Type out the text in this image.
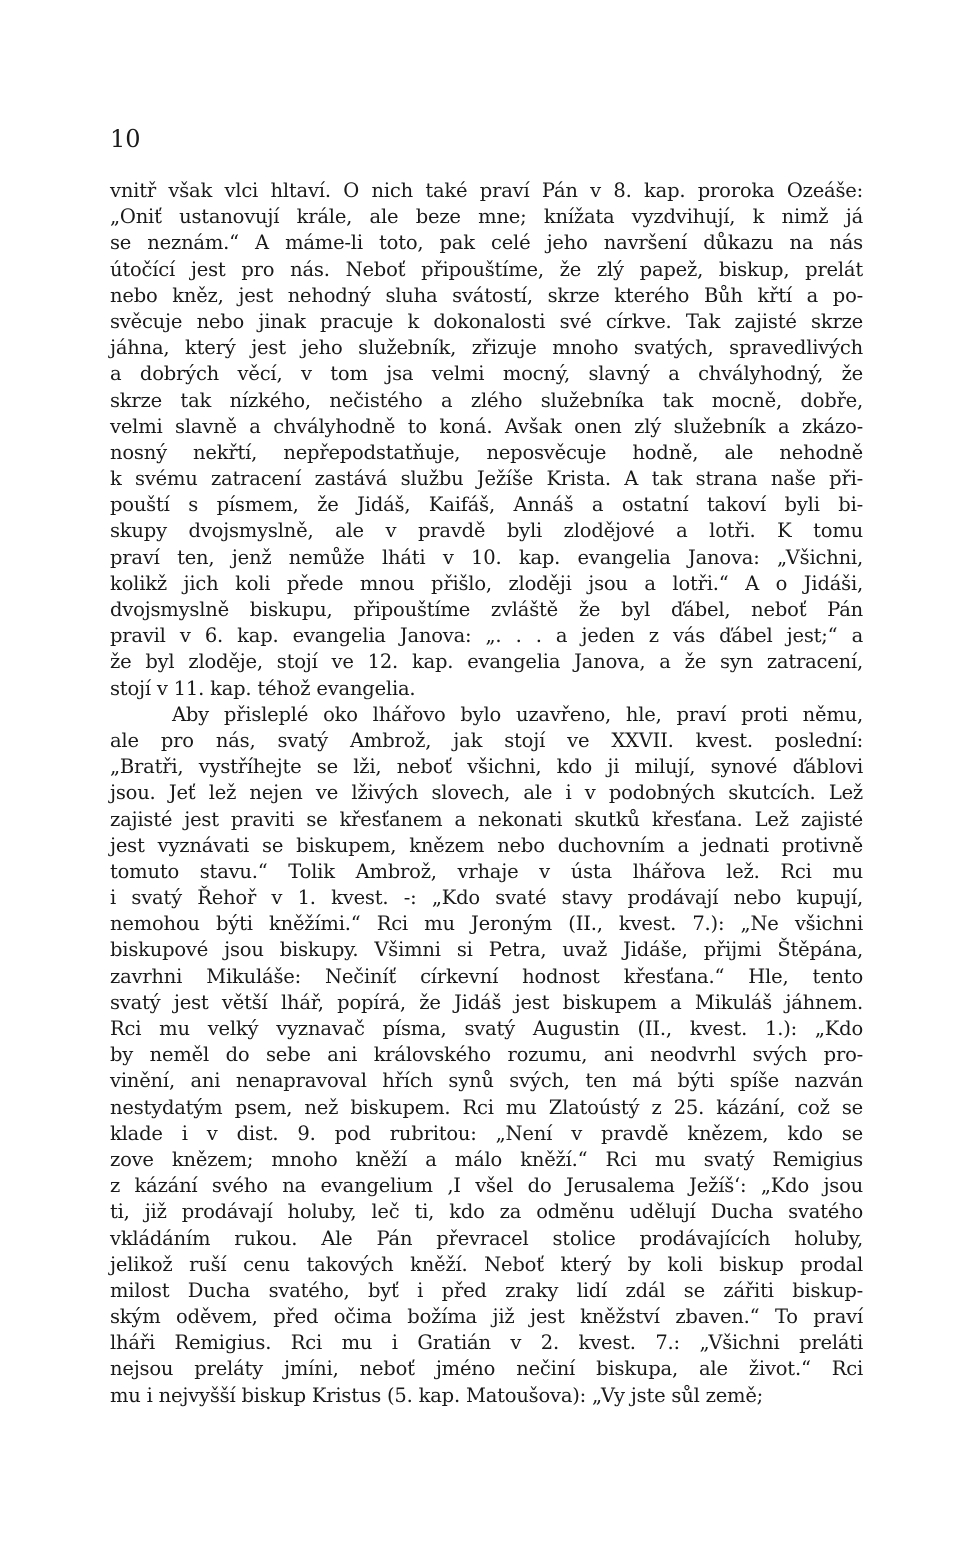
10
vnitř však vlci hltaví. O nich také praví Pán v 8. kap. proroka Ozeáše:
„Oniť ustanovují krále, ale beze mne; knížata vyzdvihují, k nimž já
se neznám.“ A máme-li toto, pak celé jeho navršení důkazu na nás
útočící jest pro nás. Neboť připouštíme, že zlý papež, biskup, prelát
nebo kněz, jest nehodný sluha svátostí, skrze kterého Bůh křtí a po-
svěcuje nebo jinak pracuje k dokonalosti své církve. Tak zajisté skrze
jáhna, který jest jeho služebník, zřizuje mnoho svatých, spravedlivých
a dobrých věcí, v tom jsa velmi mocný, slavný a chvályhodný, že
skrze tak nízkého, nečistého a zlého služebníka tak mocně, dobře,
velmi slavně a chvályhodně to koná. Avšak onen zlý služebník a zkázo-
nosný nekřtí, nepřepodstatňuje, neposvěcuje hodně, ale nehodně
k svému zatracení zastává službu Ježíše Krista. A tak strana naše při-
pouští s písmem, že Jidáš, Kaifáš, Annáš a ostatní takoví byli bi-
skupy dvojsmyslně, ale v pravdě byli zlodějové a lotři. K tomu
praví ten, jenž nemůže lháti v 10. kap. evangelia Janova: „Všichni,
kolikž jich koli přede mnou přišlo, zloději jsou a lotři.“ A o Jidáši,
dvojsmyslně biskupu, připouštíme zvláště že byl ďábel, neboť Pán
pravil v 6. kap. evangelia Janova: „. . . a jeden z vás ďábel jest;“ a
že byl zloděje, stojí ve 12. kap. evangelia Janova, a že syn zatracení,
stojí v 11. kap. téhož evangelia.
Aby přisleplé oko lhářovo bylo uzavřeno, hle, praví proti němu,
ale pro nás, svatý Ambrož, jak stojí ve XXVII. kvest. poslední:
„Bratři, vystříhejte se lži, neboť všichni, kdo ji milují, synové ďáblovi
jsou. Jeť lež nejen ve lživých slovech, ale i v podobných skutcích. Lež
zajisté jest praviti se křesťanem a nekonati skutků křesťana. Lež zajisté
jest vyznávati se biskupem, knězem nebo duchovním a jednati protivně
tomuto stavu.“ Tolik Ambrož, vrhaje v ústa lhářova lež. Rci mu
i svatý Řehoř v 1. kvest. -: „Kdo svaté stavy prodávají nebo kupují,
nemohou býti kněžími.“ Rci mu Jeroným (II., kvest. 7.): „Ne všichni
biskupové jsou biskupy. Všimni si Petra, uvaž Jidáše, přijmi Štěpána,
zavrhni Mikuláše: Nečiníť církevní hodnost křesťana.“ Hle, tento
svatý jest větší lhář, popírá, že Jidáš jest biskupem a Mikuláš jáhnem.
Rci mu velký vyznavač písma, svatý Augustin (II., kvest. 1.): „Kdo
by neměl do sebe ani královského rozumu, ani neodvrhl svých pro-
vinění, ani nenapravoval hřích synů svých, ten má býti spíše nazván
nestydatým psem, než biskupem. Rci mu Zlatoústý z 25. kázání, což se
klade i v dist. 9. pod rubritou: „Není v pravdě knězem, kdo se
zove knězem; mnoho kněží a málo kněží.“ Rci mu svatý Remigius
z kázání svého na evangelium ‚I všel do Jerusalema Ježíš‘: „Kdo jsou
ti, již prodávají holuby, leč ti, kdo za odměnu udělují Ducha svatého
vkládáním rukou. Ale Pán převracel stolice prodávajících holuby,
jelikož ruší cenu takových kněží. Neboť který by koli biskup prodal
milost Ducha svatého, byť i před zraky lidí zdál se zářiti biskup-
ským oděvem, před očima božíma již jest kněžství zbaven.“ To praví
lháři Remigius. Rci mu i Gratián v 2. kvest. 7.: „Všichni preláti
nejsou preláty jmíni, neboť jméno nečiní biskupa, ale život.“ Rci
mu i nejvyšší biskup Kristus (5. kap. Matoušova): „Vy jste sůl země;
